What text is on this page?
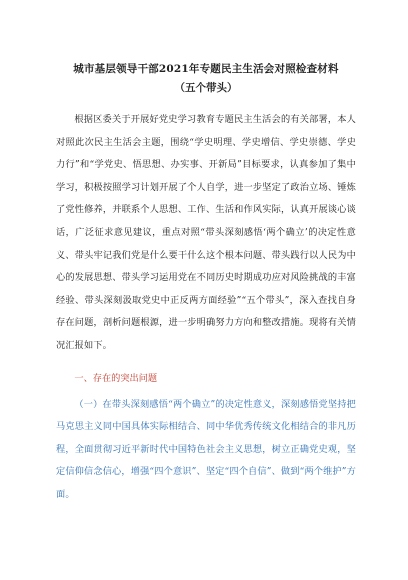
城市基层领导干部2021年专题民主生活会对照检查材料
（五个带头）

根据区委关于开展好党史学习教育专题民主生活会的有关部署，本人对照此次民主生活会主题，围绕“学史明理、学史增信、学史崇德、学史力行”和“学党史、悟思想、办实事、开新局”目标要求，认真参加了集中学习，积极按照学习计划开展了个人自学，进一步坚定了政治立场、锤炼了党性修养，并联系个人思想、工作、生活和作风实际，认真开展谈心谈话，广泛征求意见建议，重点对照“带头深刻感悟‘两个确立’的决定性意义、带头牢记我们党是什么要干什么这个根本问题、带头践行以人民为中心的发展思想、带头学习运用党在不同历史时期成功应对风险挑战的丰富经验、带头深刻汲取党史中正反两方面经验”“五个带头”，深入查找自身存在问题，剖析问题根源，进一步明确努力方向和整改措施。现将有关情况汇报如下。

一、存在的突出问题

（一）在带头深刻感悟“两个确立”的决定性意义，深刻感悟党坚持把马克思主义同中国具体实际相结合、同中华优秀传统文化相结合的非凡历程，全面贯彻习近平新时代中国特色社会主义思想，树立正确党史观，坚定信仰信念信心，增强“四个意识”、坚定“四个自信”、做到“两个维护”方面。
